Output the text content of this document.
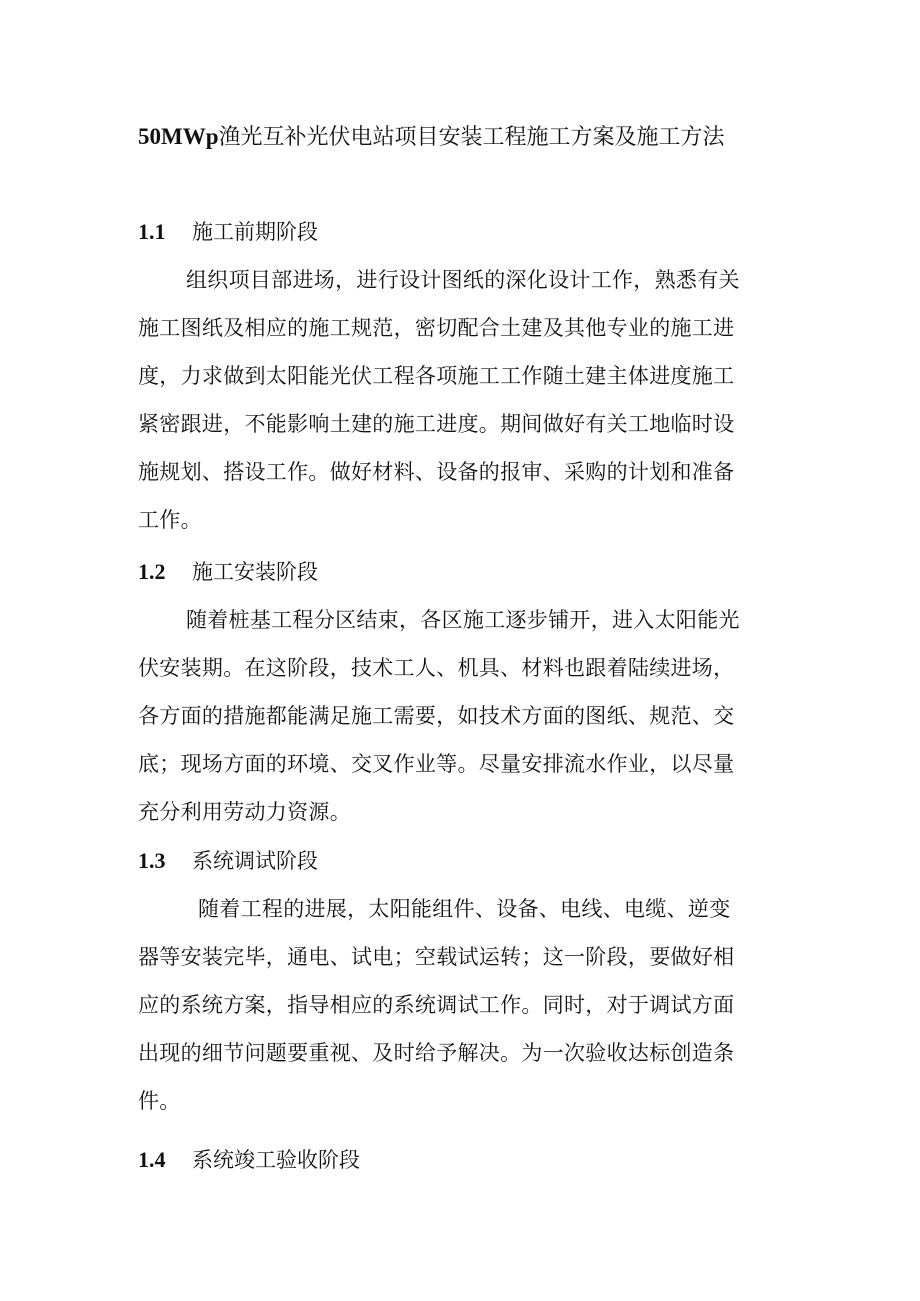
50MWp渔光互补光伏电站项目安装工程施工方案及施工方法
1.1 施工前期阶段
组织项目部进场，进行设计图纸的深化设计工作，熟悉有关
施工图纸及相应的施工规范，密切配合土建及其他专业的施工进
度，力求做到太阳能光伏工程各项施工工作随土建主体进度施工
紧密跟进，不能影响土建的施工进度。期间做好有关工地临时设
施规划、搭设工作。做好材料、设备的报审、采购的计划和准备
工作。
1.2 施工安装阶段
随着桩基工程分区结束，各区施工逐步铺开，进入太阳能光
伏安装期。在这阶段，技术工人、机具、材料也跟着陆续进场，
各方面的措施都能满足施工需要，如技术方面的图纸、规范、交
底；现场方面的环境、交叉作业等。尽量安排流水作业，以尽量
充分利用劳动力资源。
1.3 系统调试阶段
随着工程的进展，太阳能组件、设备、电线、电缆、逆变
器等安装完毕，通电、试电；空载试运转；这一阶段，要做好相
应的系统方案，指导相应的系统调试工作。同时，对于调试方面
出现的细节问题要重视、及时给予解决。为一次验收达标创造条
件。
1.4 系统竣工验收阶段
